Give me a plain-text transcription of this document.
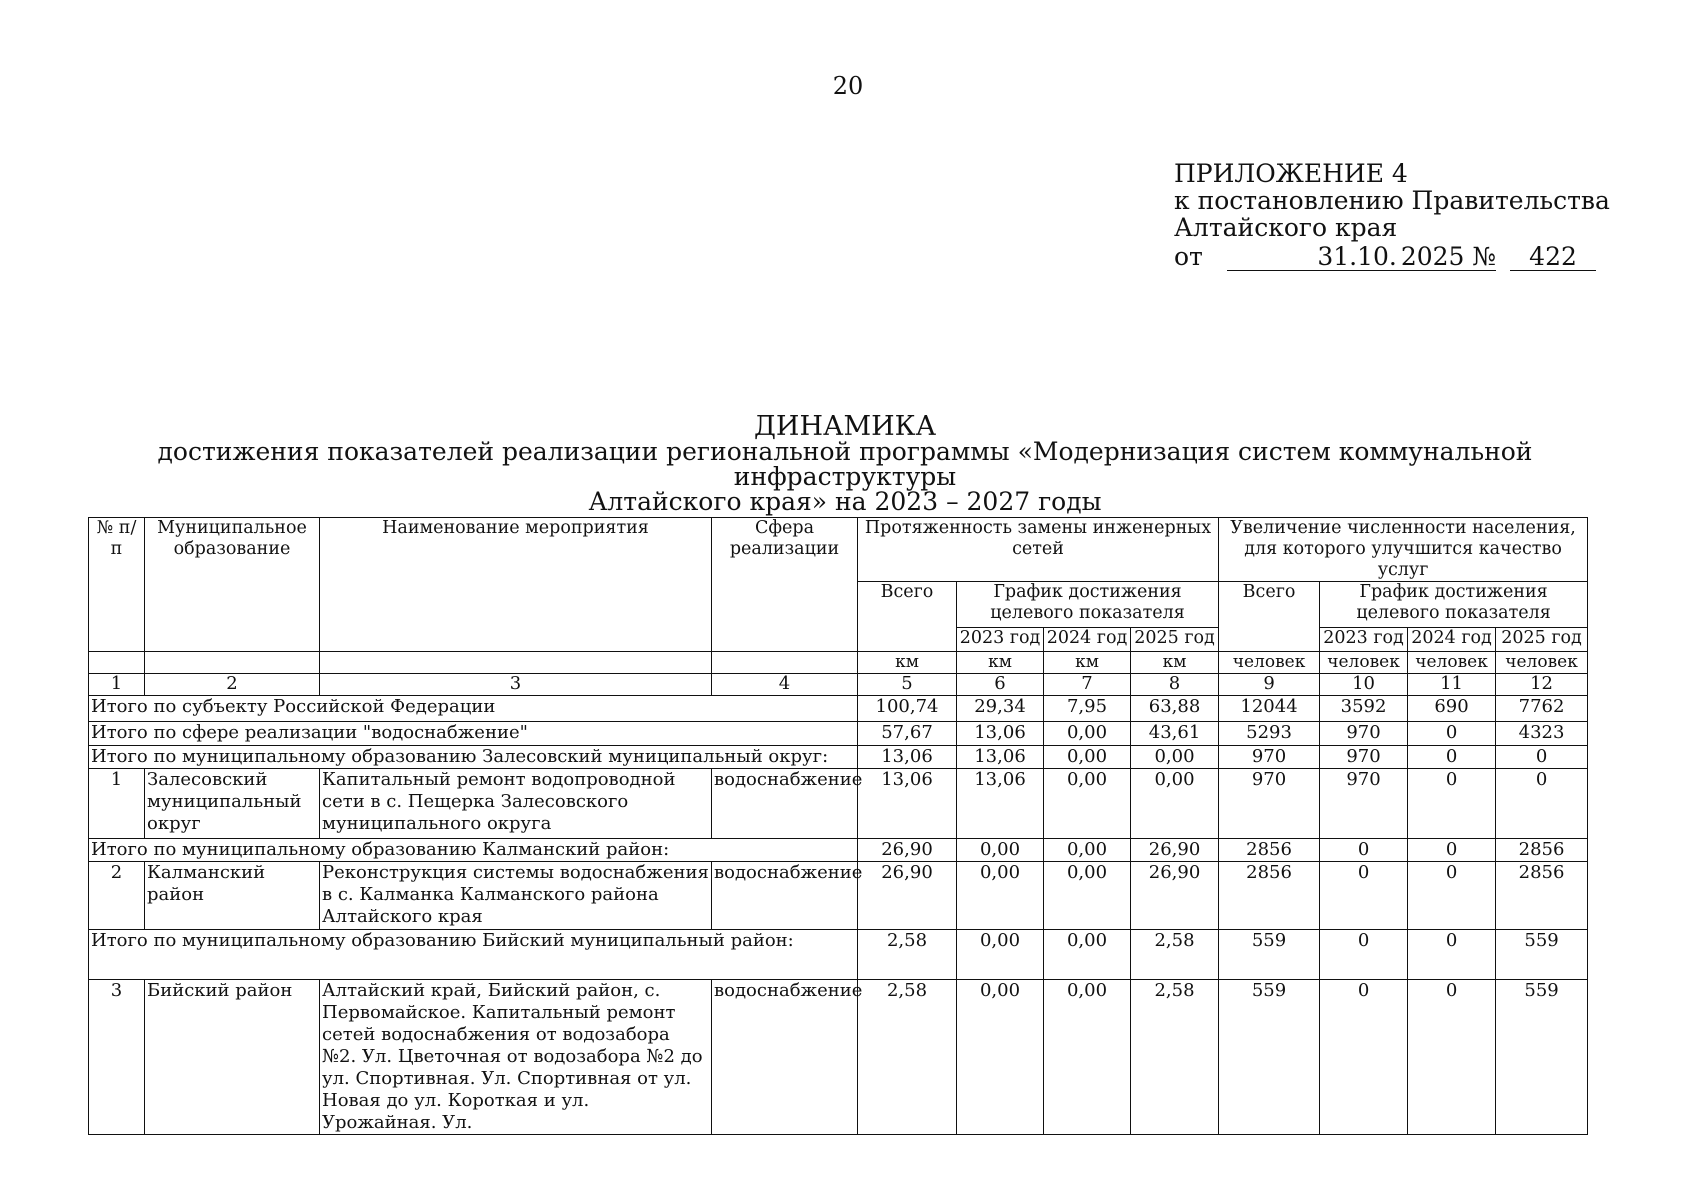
20
ПРИЛОЖЕНИЕ 4
к постановлению Правительства
Алтайского края
от	31.10. 2025 № 422
ДИНАМИКА
достижения показателей реализации региональной программы «Модернизация систем коммунальной инфраструктуры
Алтайского края» на 2023 – 2027 годы
№ п/п	Муниципальное образование	Наименование мероприятия	Сфера реализации	Протяженность замены инженерных сетей				Увеличение численности населения, для которого улучшится качество услуг			
				Всего	График достижения целевого показателя			Всего	График достижения целевого показателя		
					2023 год	2024 год	2025 год		2023 год	2024 год	2025 год
				км	км	км	км	человек	человек	человек	человек
1	2	3	4	5	6	7	8	9	10	11	12
Итого по субъекту Российской Федерации				100,74	29,34	7,95	63,88	12044	3592	690	7762
Итого по сфере реализации "водоснабжение"				57,67	13,06	0,00	43,61	5293	970	0	4323
Итого по муниципальному образованию Залесовский муниципальный округ:				13,06	13,06	0,00	0,00	970	970	0	0
1	Залесовский муниципальный округ	Капитальный ремонт водопроводной сети в с. Пещерка Залесовского муниципального округа	водоснабжение	13,06	13,06	0,00	0,00	970	970	0	0
Итого по муниципальному образованию Калманский район:				26,90	0,00	0,00	26,90	2856	0	0	2856
2	Калманский район	Реконструкция системы водоснабжения в с. Калманка Калманского района Алтайского края	водоснабжение	26,90	0,00	0,00	26,90	2856	0	0	2856
Итого по муниципальному образованию Бийский муниципальный район:				2,58	0,00	0,00	2,58	559	0	0	559
3	Бийский район	Алтайский край, Бийский район, с. Первомайское. Капитальный ремонт сетей водоснабжения от водозабора №2. Ул. Цветочная от водозабора №2 до ул. Спортивная. Ул. Спортивная от ул. Новая до ул. Короткая и ул. Урожайная. Ул.	водоснабжение	2,58	0,00	0,00	2,58	559	0	0	559
